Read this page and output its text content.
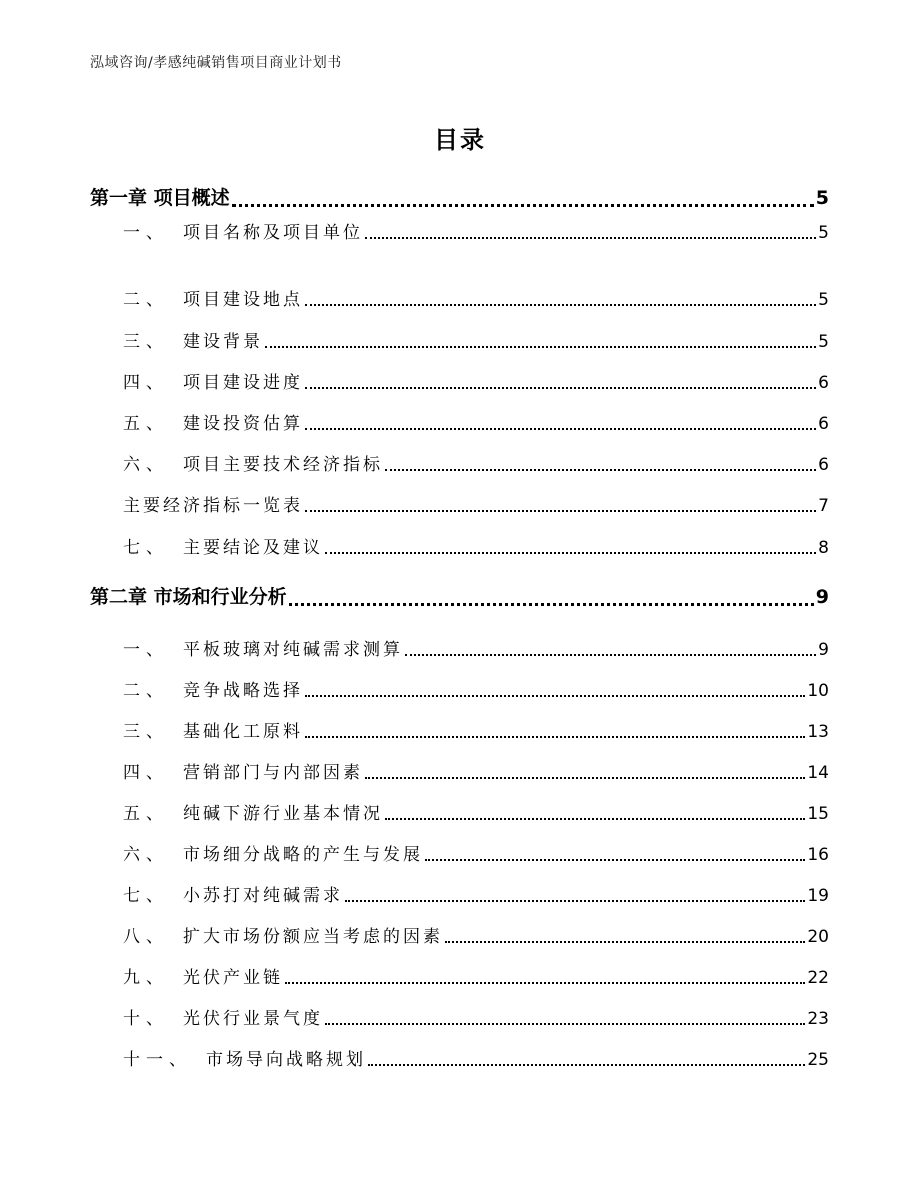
泓域咨询/孝感纯碱销售项目商业计划书
目录
第一章 项目概述	5
一、 项目名称及项目单位	5
二、 项目建设地点	5
三、 建设背景	5
四、 项目建设进度	6
五、 建设投资估算	6
六、 项目主要技术经济指标	6
主要经济指标一览表	7
七、 主要结论及建议	8
第二章 市场和行业分析	9
一、 平板玻璃对纯碱需求测算	9
二、 竞争战略选择	10
三、 基础化工原料	13
四、 营销部门与内部因素	14
五、 纯碱下游行业基本情况	15
六、 市场细分战略的产生与发展	16
七、 小苏打对纯碱需求	19
八、 扩大市场份额应当考虑的因素	20
九、 光伏产业链	22
十、 光伏行业景气度	23
十一、 市场导向战略规划	25
